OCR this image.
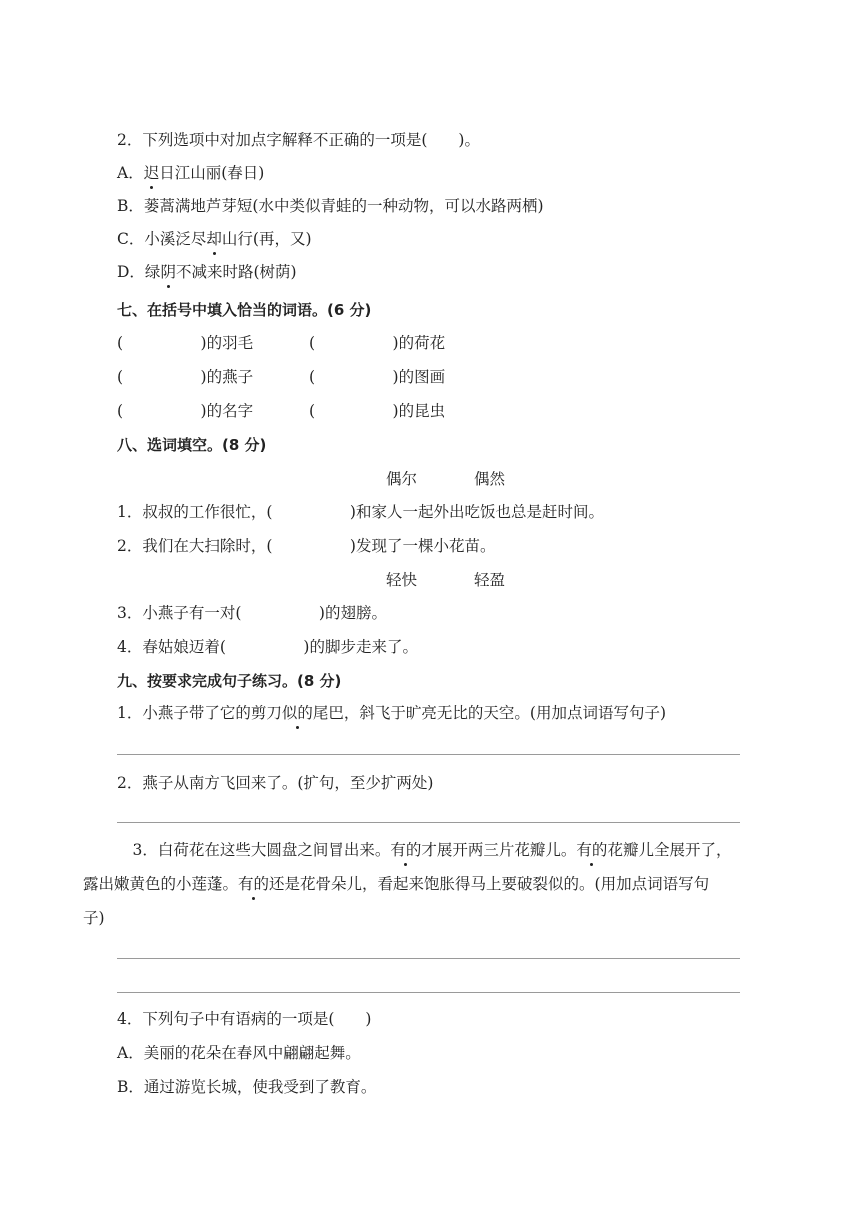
2．下列选项中对加点字解释不正确的一项是(　　)。
A．迟日江山丽(春日)
B．蒌蒿满地芦芽短(水中类似青蛙的一种动物，可以水路两栖)
C．小溪泛尽却山行(再，又)
D．绿阴不减来时路(树荫)
七、在括号中填入恰当的词语。(6 分)
(　　　　　)的羽毛	(　　　　　)的荷花
(　　　　　)的燕子	(　　　　　)的图画
(　　　　　)的名字	(　　　　　)的昆虫
八、选词填空。(8 分)
偶尔	偶然
1．叔叔的工作很忙，(　　　　　)和家人一起外出吃饭也总是赶时间。
2．我们在大扫除时，(　　　　　)发现了一棵小花苗。
轻快	轻盈
3．小燕子有一对(　　　　　)的翅膀。
4．春姑娘迈着(　　　　　)的脚步走来了。
九、按要求完成句子练习。(8 分)
1．小燕子带了它的剪刀似的尾巴，斜飞于旷亮无比的天空。(用加点词语写句子)
2．燕子从南方飞回来了。(扩句，至少扩两处)
　3．白荷花在这些大圆盘之间冒出来。有的才展开两三片花瓣儿。有的花瓣儿全展开了，
露出嫩黄色的小莲蓬。有的还是花骨朵儿，看起来饱胀得马上要破裂似的。(用加点词语写句
子)
4．下列句子中有语病的一项是(　　)
A．美丽的花朵在春风中翩翩起舞。
B．通过游览长城，使我受到了教育。
